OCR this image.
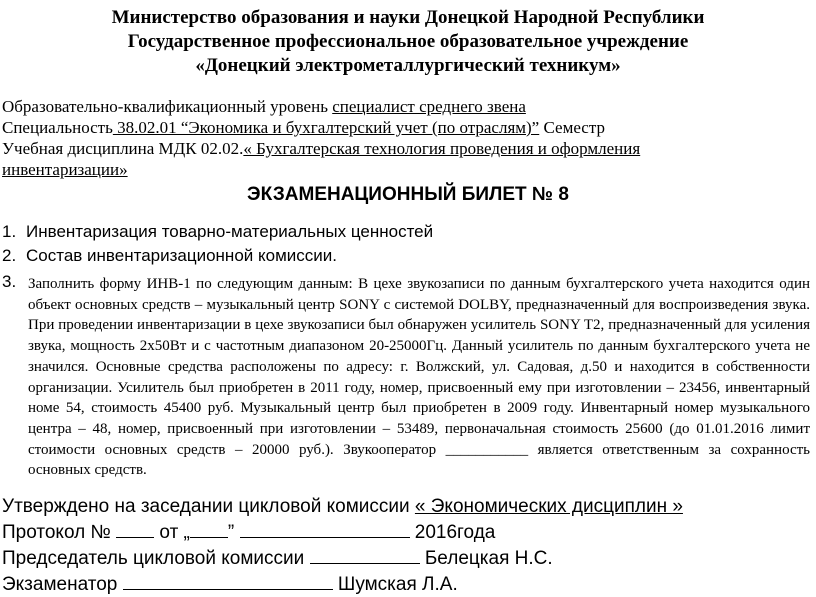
Министерство образования и науки Донецкой Народной Республики
Государственное профессиональное образовательное учреждение
«Донецкий электрометаллургический техникум»
Образовательно-квалификационный уровень специалист среднего звена
Специальность 38.02.01 “Экономика и бухгалтерский учет (по отраслям)” Семестр
Учебная дисциплина МДК 02.02.« Бухгалтерская технология проведения и оформления
инвентаризации»
ЭКЗАМЕНАЦИОННЫЙ БИЛЕТ № 8
1. Инвентаризация товарно-материальных ценностей
2. Состав инвентаризационной комиссии.
3. Заполнить форму ИНВ-1 по следующим данным: В цехе звукозаписи по данным бухгалтерского учета находится один объект основных средств – музыкальный центр SONY с системой DOLBY, предназначенный для воспроизведения звука. При проведении инвентаризации в цехе звукозаписи был обнаружен усилитель SONY T2, предназначенный для усиления звука, мощность 2x50Вт и с частотным диапазоном 20-25000Гц. Данный усилитель по данным бухгалтерского учета не значился. Основные средства расположены по адресу: г. Волжский, ул. Садовая, д.50 и находится в собственности организации. Усилитель был приобретен в 2011 году, номер, присвоенный ему при изготовлении – 23456, инвентарный номе 54, стоимость 45400 руб. Музыкальный центр был приобретен в 2009 году. Инвентарный номер музыкального центра – 48, номер, присвоенный при изготовлении – 53489, первоначальная стоимость 25600 (до 01.01.2016 лимит стоимости основных средств – 20000 руб.). Звукооператор ___________ является ответственным за сохранность основных средств.
Утверждено на заседании цикловой комиссии « Экономических дисциплин »
Протокол №  от „ ”	2016года
Председатель цикловой комиссии	Белецкая Н.С.
Экзаменатор	Шумская Л.А.
